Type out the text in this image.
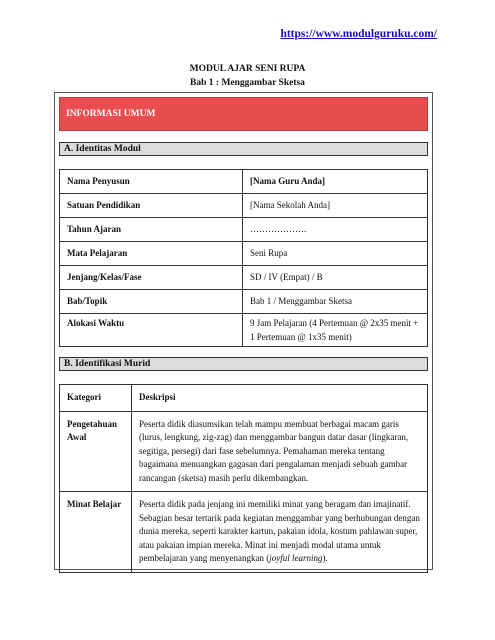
https://www.modulguruku.com/
MODUL AJAR SENI RUPA
Bab 1 : Menggambar Sketsa
INFORMASI UMUM
A. Identitas Modul
Nama Penyusun	[Nama Guru Anda]
Satuan Pendidikan	[Nama Sekolah Anda]
Tahun Ajaran	……………….
Mata Pelajaran	Seni Rupa
Jenjang/Kelas/Fase	SD / IV (Empat) / B
Bab/Topik	Bab 1 / Menggambar Sketsa
Alokasi Waktu	9 Jam Pelajaran (4 Pertemuan @ 2x35 menit + 1 Pertemuan @ 1x35 menit)
B. Identifikasi Murid
Kategori	Deskripsi
Pengetahuan Awal	Peserta didik diasumsikan telah mampu membuat berbagai macam garis (lurus, lengkung, zig-zag) dan menggambar bangun datar dasar (lingkaran, segitiga, persegi) dari fase sebelumnya. Pemahaman mereka tentang bagaimana menuangkan gagasan dari pengalaman menjadi sebuah gambar rancangan (sketsa) masih perlu dikembangkan.
Minat Belajar	Peserta didik pada jenjang ini memiliki minat yang beragam dan imajinatif. Sebagian besar tertarik pada kegiatan menggambar yang berhubungan dengan dunia mereka, seperti karakter kartun, pakaian idola, kostum pahlawan super, atau pakaian impian mereka. Minat ini menjadi modal utama untuk pembelajaran yang menyenangkan (joyful learning).
